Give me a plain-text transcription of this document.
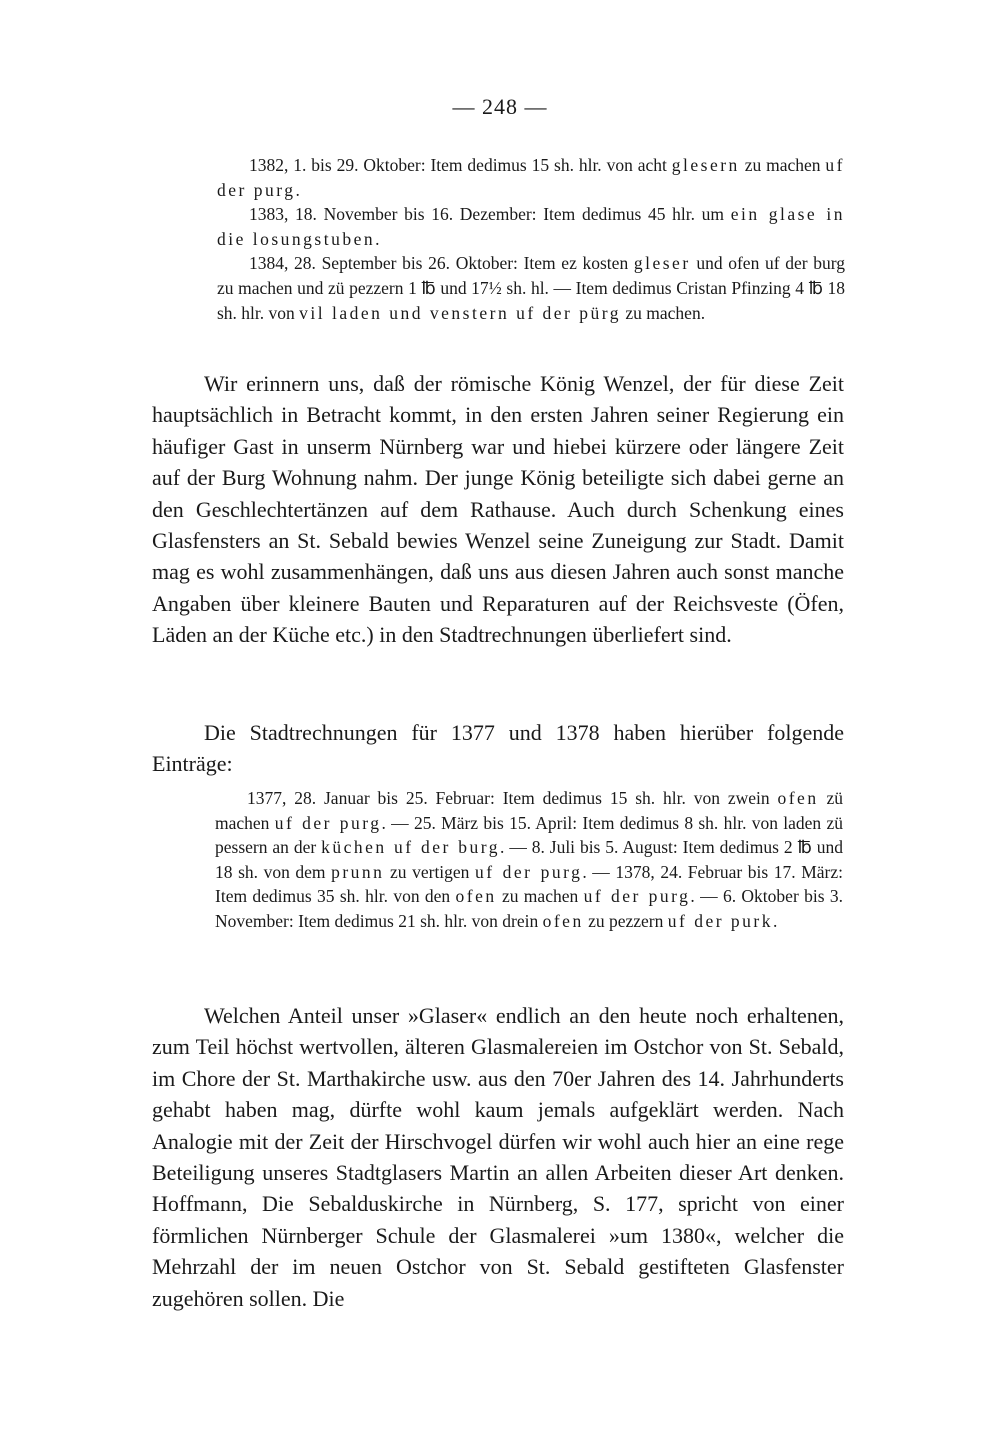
— 248 —

1382, 1. bis 29. Oktober: Item dedimus 15 sh. hlr. von acht glesern zu machen uf der purg.

1383, 18. November bis 16. Dezember: Item dedimus 45 hlr. um ein glase in die losungstuben.

1384, 28. September bis 26. Oktober: Item ez kosten gleser und ofen uf der burg zu machen und zü pezzern 1 ℔ und 17½ sh. hl. — Item dedimus Cristan Pfinzing 4 ℔ 18 sh. hlr. von vil laden und venstern uf der pürg zu machen.

Wir erinnern uns, daß der römische König Wenzel, der für diese Zeit hauptsächlich in Betracht kommt, in den ersten Jahren seiner Regierung ein häufiger Gast in unserm Nürnberg war und hiebei kürzere oder längere Zeit auf der Burg Wohnung nahm. Der junge König beteiligte sich dabei gerne an den Geschlechtertänzen auf dem Rathause. Auch durch Schenkung eines Glasfensters an St. Sebald bewies Wenzel seine Zuneigung zur Stadt. Damit mag es wohl zusammenhängen, daß uns aus diesen Jahren auch sonst manche Angaben über kleinere Bauten und Reparaturen auf der Reichsveste (Öfen, Läden an der Küche etc.) in den Stadtrechnungen überliefert sind.

Die Stadtrechnungen für 1377 und 1378 haben hierüber folgende Einträge:

1377, 28. Januar bis 25. Februar: Item dedimus 15 sh. hlr. von zwein ofen zü machen uf der purg. — 25. März bis 15. April: Item dedimus 8 sh. hlr. von laden zü pessern an der küchen uf der burg. — 8. Juli bis 5. August: Item dedimus 2 ℔ und 18 sh. von dem prunn zu vertigen uf der purg. — 1378, 24. Februar bis 17. März: Item dedimus 35 sh. hlr. von den ofen zu machen uf der purg. — 6. Oktober bis 3. November: Item dedimus 21 sh. hlr. von drein ofen zu pezzern uf der purk.

Welchen Anteil unser »Glaser« endlich an den heute noch erhaltenen, zum Teil höchst wertvollen, älteren Glasmalereien im Ostchor von St. Sebald, im Chore der St. Marthakirche usw. aus den 70er Jahren des 14. Jahrhunderts gehabt haben mag, dürfte wohl kaum jemals aufgeklärt werden. Nach Analogie mit der Zeit der Hirschvogel dürfen wir wohl auch hier an eine rege Beteiligung unseres Stadtglasers Martin an allen Arbeiten dieser Art denken. Hoffmann, Die Sebalduskirche in Nürnberg, S. 177, spricht von einer förmlichen Nürnberger Schule der Glasmalerei »um 1380«, welcher die Mehrzahl der im neuen Ostchor von St. Sebald gestifteten Glasfenster zugehören sollen. Die
